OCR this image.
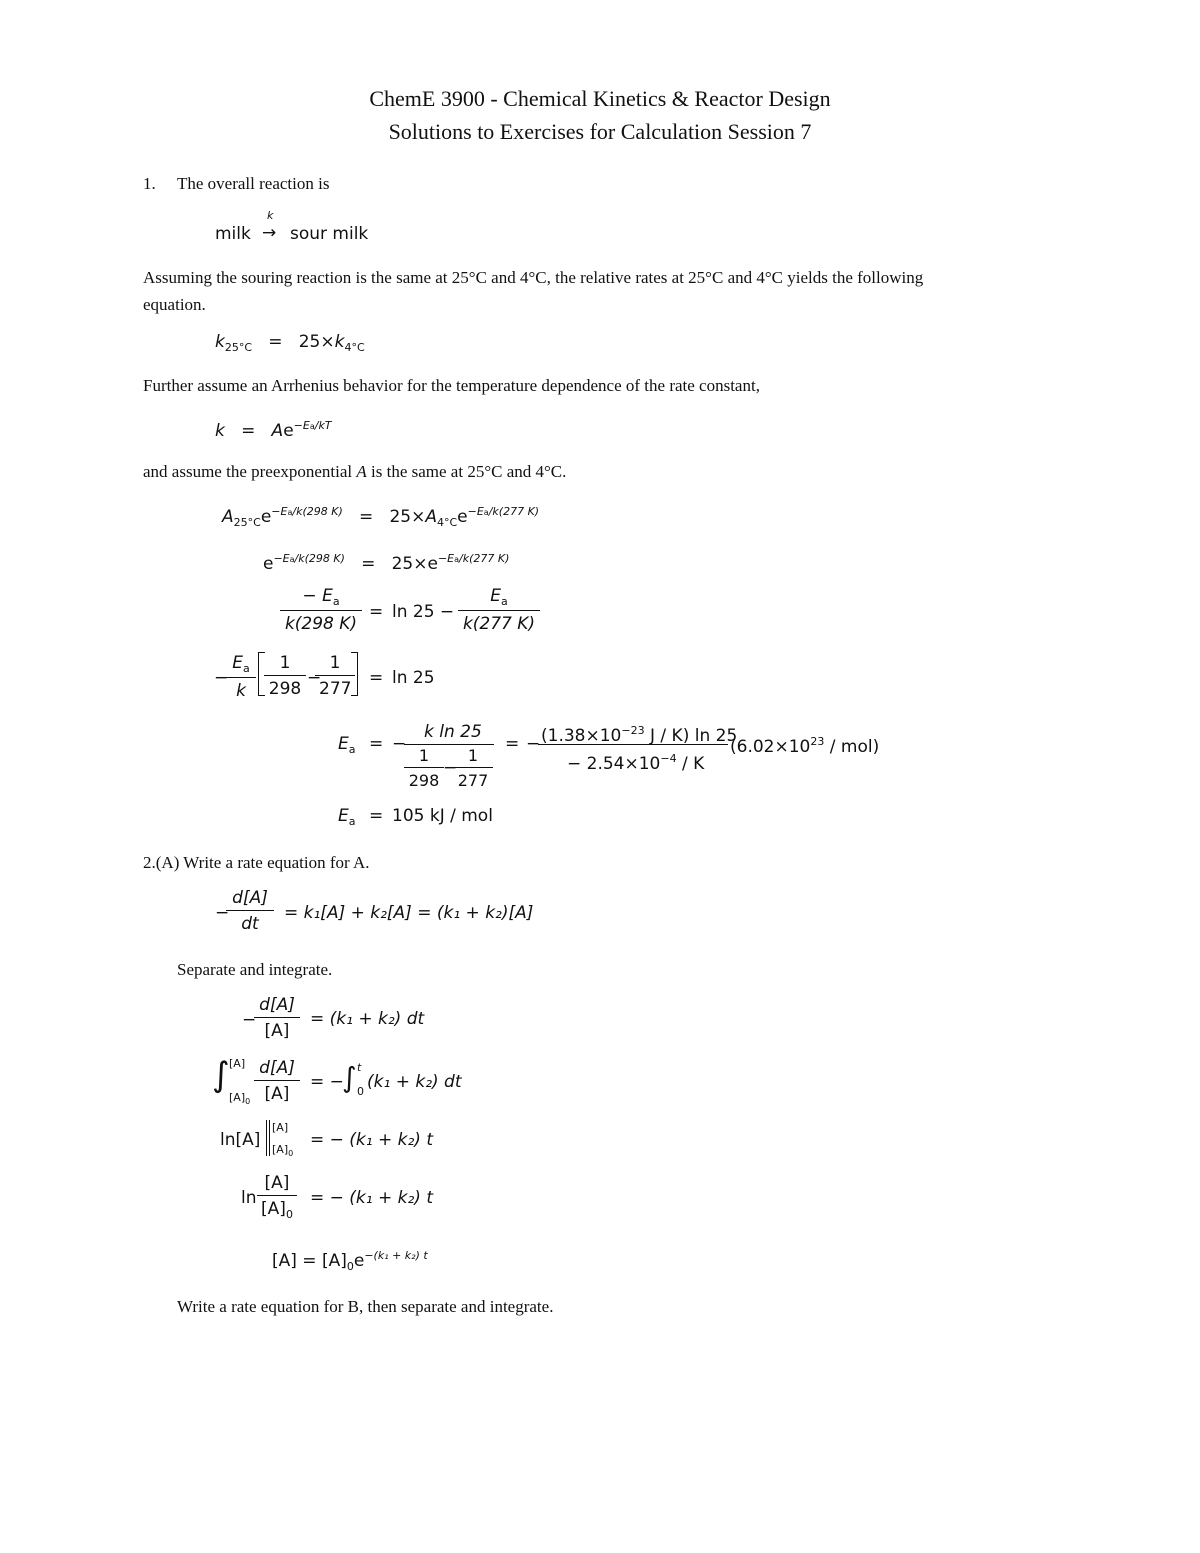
ChemE 3900 - Chemical Kinetics & Reactor Design
Solutions to Exercises for Calculation Session 7
1. The overall reaction is
k
milk → sour milk
Assuming the souring reaction is the same at 25°C and 4°C, the relative rates at 25°C and 4°C yields the following
equation.
$k_{25^\circ C} = 25\times k_{4^\circ C}$
Further assume an Arrhenius behavior for the temperature dependence of the rate constant,
$k = Ae^{-Ea/kT}$
and assume the preexponential A is the same at 25°C and 4°C.
$A_{25^\circ C}e^{-Ea/k(298 K)} = 25\times A_{4^\circ C}e^{-Ea/k(277 K)}$
$e^{-Ea/k(298 K)} = 25\times e^{-Ea/k(277 K)}$
$\frac{- E_a}{k(298 K)} = \ln 25 - \frac{E_a}{k(277 K)}$
−
$\frac{E_a}{k} \frac{1}{298}$ −
$\frac{1}{277} = \ln 25$
$E_a$ = −
k ln 25
$\frac{1}{298}$ −
$\frac{1}{277}$
= − ($1.38\times 10^{-23}$ J / K) ln 25
− $2.54\times 10^{-4} / K$
$(6.02\times 10^{23} / mol)$
$E_a = 105$ kJ / mol
2.(A) Write a rate equation for A.
−
$\frac{d[A]}{dt} = k_1[A] + k_2[A] = (k_1 + k_2)[A]$
Separate and integrate.
−
$\frac{d[A]}{[A]} = (k_1 + k_2)$ dt
∫ [A]
$[A]_0 \frac{d[A]}{[A]}$ = −
∫ t
0 (k₁ + k₂) dt
ln[A]
[A]
$[A]_0$
= − (k₁ + k₂) t
$\ln \frac{[A]}{[A]_0}$ = − (k₁ + k₂) t
$[A] = [A]_0e^{-(k_1 + k_2) t}$
Write a rate equation for B, then separate and integrate.
